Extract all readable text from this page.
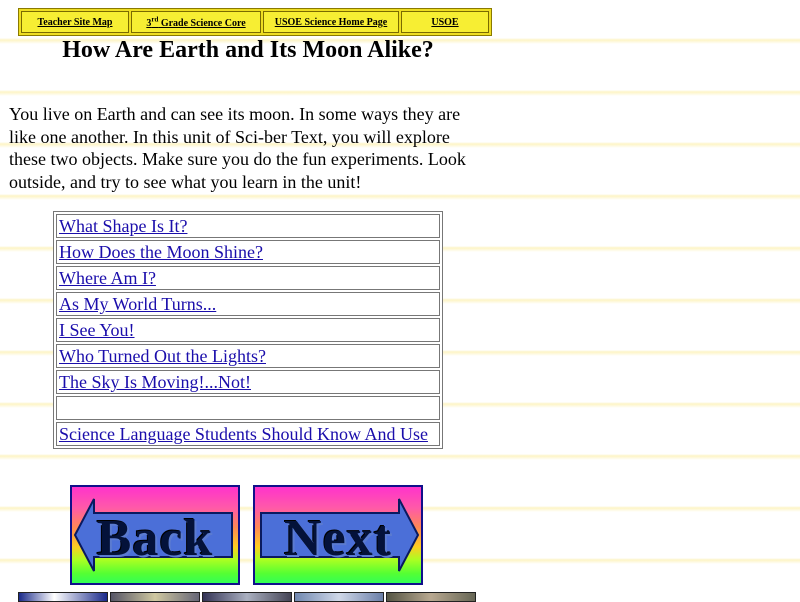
Teacher Site Map	3rd Grade Science Core	USOE Science Home Page	USOE
How Are Earth and Its Moon Alike?

You live on Earth and can see its moon. In some ways they are like one another. In this unit of Sci-ber Text, you will explore these two objects. Make sure you do the fun experiments. Look outside, and try to see what you learn in the unit!

What Shape Is It?
How Does the Moon Shine?
Where Am I?
As My World Turns...
I See You!
Who Turned Out the Lights?
The Sky Is Moving!...Not!

Science Language Students Should Know And Use
Back	Next
